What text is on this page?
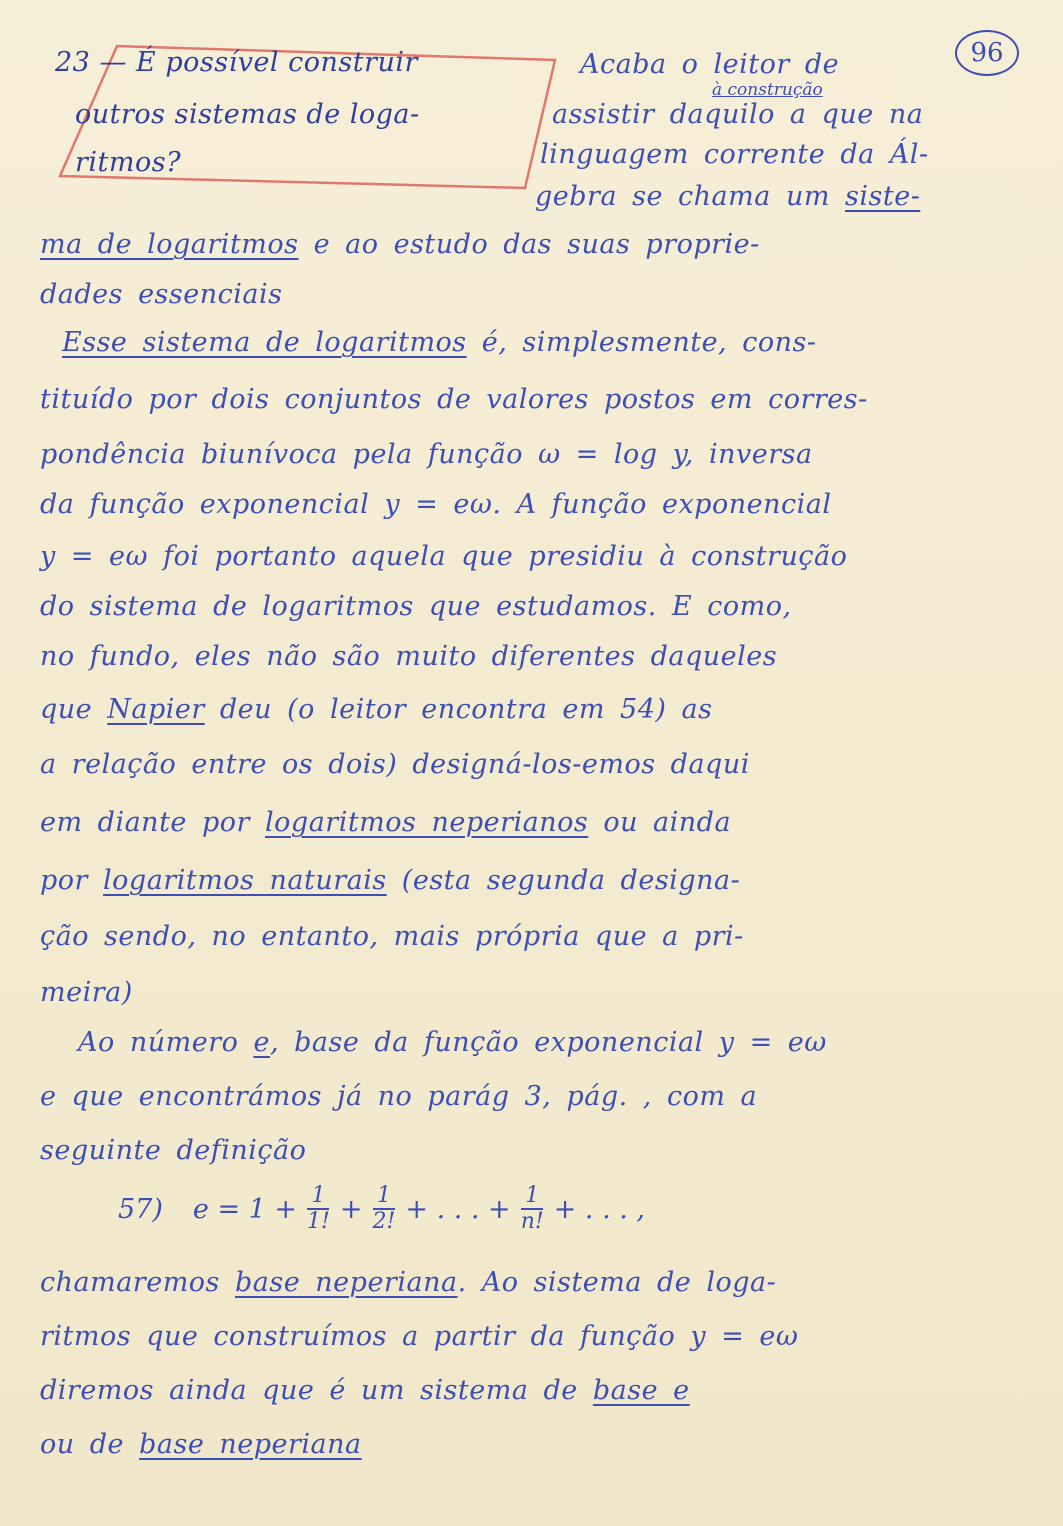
23 — É possível construir
outros sistemas de loga-
ritmos?
96
à construção
Acaba o leitor de
assistir daquilo a que na
linguagem corrente da Ál-
gebra se chama um siste-
ma de logaritmos e ao estudo das suas proprie-
dades essenciais
Esse sistema de logaritmos é, simplesmente, cons-
tituído por dois conjuntos de valores postos em corres-
pondência biunívoca pela função ω = log y, inversa
da função exponencial y = eω. A função exponencial
y = eω foi portanto aquela que presidiu à construção
do sistema de logaritmos que estudamos. E como,
no fundo, eles não são muito diferentes daqueles
que Napier deu (o leitor encontra em 54) as
a relação entre os dois) designá-los-emos daqui
em diante por logaritmos neperianos ou ainda
por logaritmos naturais (esta segunda designa-
ção sendo, no entanto, mais própria que a pri-
meira)
Ao número e, base da função exponencial y = eω
e que encontrámos já no parág 3, pág. , com a
seguinte definição
chamaremos base neperiana. Ao sistema de loga-
ritmos que construímos a partir da função y = eω
diremos ainda que é um sistema de base e
ou de base neperiana
57) $e = 1 + \frac{1}{1!} + \frac{1}{2!}$ + . . . + $\frac{1}{n!}$ + . . . ,
